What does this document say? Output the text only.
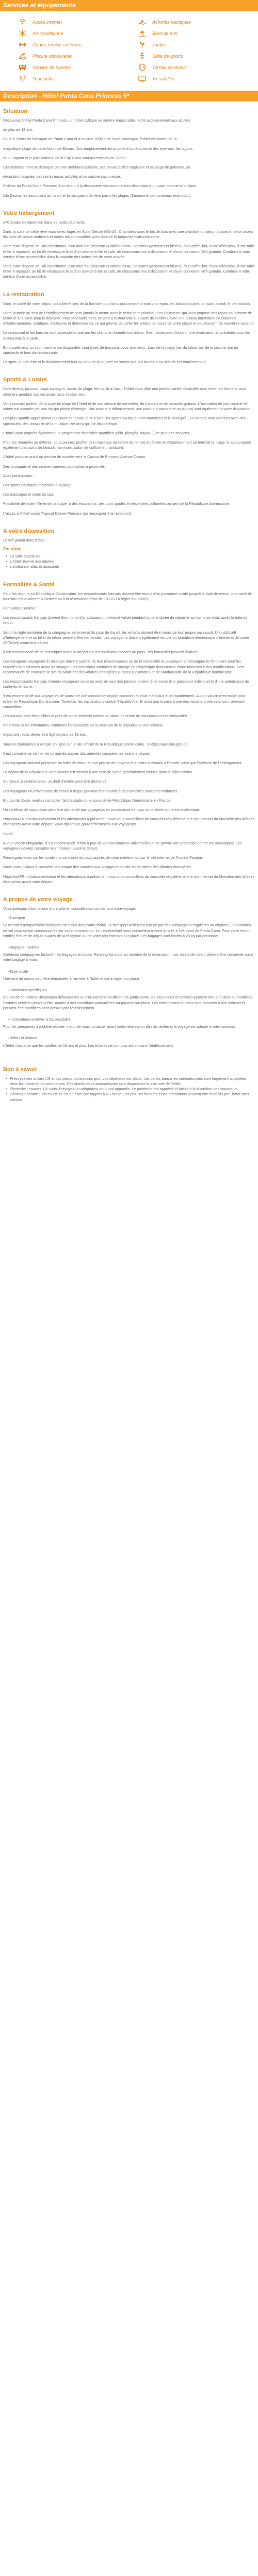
Services et équipements
Accès internet	Activités nautiques
Air conditionné	Bord de mer
Centre remise en forme	Jardin
Piscine découverte	Salle de sports
Service de navette	Terrain de tennis
Tout inclus	Tv satellite
Description - Hôtel Punta Cana Princess 5*
Situation

Découvrez l'hôtel Punta Cana Princess, un hôtel idyllique au service impeccable, niché exclusivement aux adultes

de plus de 18 ans.

Situé à 15min de l'aéroport de Punta Cana et à environ 200km de Saint Domingue, l'hôtel est bordé par la

magnifique plage de sable blanc de Bávaro. Son emplacement est propice à la découverte des environs, les lagons

Blue Lagoon et le parc national de la Cap Cana sont accessibles en 15min.

Cet établissement se distingue par son ambiance paisible, ses beaux jardins tropicaux et sa plage de palmiers, sa

décoration soignée, ses nombreuses activités et sa cuisine savoureuse.

Profitez au Punta Cana Princess d'un séjour à la découverte des nombreuses destinations du pays comme la sublime

Isla Saona, les excursions au ranch et la navigation de rêve parmi les plages (Samaná et de nombreux endroits...).

Votre hébergement

270 Suites en répartition dans de petits bâtiments.

Dans la suite de cette rêve vous serez logés en Suite Deluxe (55m2) : Chambres sous le toit de bois avec une chambre ou séjour spacieux, deux vastes lits avec de beaux mobiliers et toutes les commodités avec douche et baignoire hydromassante.

Votre suite dispose de l'air conditionné, d'un mini-bar (réassort quotidien d'eau, boissons gazeuses et bières), d'un coffre-fort, d'une télévision, d'une table et fer à repasser, du kit de nécessaire lit et d'un service à thé et café, de chaussons mis à disposition et d'une connexion Wifi gratuite. Combien à votre service d'une accessibilité dans la majorité des suites lors de votre arrivée.

Votre suite dispose de l'air conditionné, d'un mini-bar (réassort quotidien d'eau, boissons gazeuses et bières), d'un coffre-fort, d'une télévision, d'une table et fer à repasser, du kit de nécessaire lit et d'un service à thé et café, de chaussons mis à disposition et d'une connexion Wifi gratuite. Combien à votre service d'une accessibilité.

La restauration

Dans le cadre de votre séjour, vous bénéficiez de la formule tout inclus qui comprend tous vos repas, les boissons (avec ou sans alcool) et des snacks.

Votre journée au sein de l'établissement ne sera jamais la même avec le restaurant principal "Las Palmeras" qui vous propose des repas sous forme de buffet et à la carte pour le déjeuner. Plus ponctuellement, ce sont 6 restaurants à la carte disponibles avec une cuisine internationale (italienne, méditerranéenne, asiatique, mexicaine et dominicaine), ce qui permet de varier les plaisirs au cours de votre séjour et de découvrir de nouvelles saveurs.

Le restaurant et les bars ne sont accessibles que par les clients en formule tout inclus. Il est nécessaire d'obtenir une réservation au préalable pour les restaurants à la carte.

En supplément, un room service est disponible, cinq types de boissons vous attendent : bars de la plage, bar du lobby, bar de la piscine, bar du spectacle et bars des restaurants.

Le sport, le bien-être et le divertissement tout au long de la journée ne seront que pur bonheur au sein de cet établissement.

Sports & Loisirs

Salle fitness, jacuzzis, yoga aquagym, sports de plage, tennis, tir à l'arc... l'hôtel vous offre une palette variée d'activités pour rester en forme et vous détendre pendant vos vacances dans l'océan vert.

Vous pourrez profiter de la superbe plage de l'hôtel et de son service de serviettes, de transats et de parasols gratuits. L'animation de jour comme de soirée est assurée par une équipe pleine d'énergie. Une piscine à débordement, une piscine principale et un jacuzzi sont également à votre disposition.

Les plus sportifs apprécieront les cours de tennis, le tir à l'arc, les sports nautiques non motorisés et le mini golf. Les soirées sont animées avec des spectacles, des shows et de la musique live ainsi qu'une discothèque.

L'hôtel vous propose également un programme d'activités quotidien (vélo, plongée, kayak...) en plus des services.

Pour les moments de détente, vous pourrez profiter d'un massage au centre de remise en forme de l'établissement au bord de la plage, le spa propose également des soins de beauté, hammam, salon de coiffure et manucure.

L'hôtel propose aussi un service de navette vers le Casino de Princess Avenue Casino.

Des boutiques et des centres commerciaux situés à proximité.

Avec participation :

Les sports nautiques motorisés à la plage.

Les massages et soins du spa.

Possibilité de visiter l'île et de participer à des excursions, des tours guidés et des visites culturelles au sein de la République dominicaine.

L'accès à l'hôtel voisin Tropical Deluxe Princess (se renseigner à la réception).

A votre disposition

Le wifi gratuit dans l'hôtel.

On aime
• La suite spacieuse
• L'hôtel réservé aux adultes
• L'ambiance relax et apaisante
Formalités & Santé

Pour les séjours en République Dominicaine, les ressortissants français doivent être munis d'un passeport valide jusqu'à la date de retour. Une carte de tourisme est à acheter à l'arrivée ou à la réservation (frais de 10 USD à régler sur place).

Formalités d'entrée :

Les ressortissants français doivent être munis d'un passeport individuel valide pendant toute la durée du séjour et au moins six mois après la date du retour.

Selon la réglementation de la compagnie aérienne et du pays de transit, les enfants doivent être munis de leur propre passeport. Un justificatif d'hébergement et un billet de retour peuvent être demandés. Les voyageurs doivent également remplir un formulaire électronique d'entrée et de sortie (E-Ticket) avant leur départ.

Il est recommandé de se renseigner avant le départ sur les conditions d'accès au pays : les formalités peuvent évoluer.

Les voyageurs voyageant à l'étranger doivent justifier de leur ressortissance ou de la nationalité du passeport et renseigner le formulaire pour les autorités dominicaines avant de voyager. Les conditions sanitaires de voyage en République dominicaine étant soumises à des modifications, il est recommandé de consulter le site du Ministère des Affaires étrangères (France Diplomatie) et de l'Ambassade de la République dominicaine.

Les ressortissants français mineurs voyageant seuls ou avec un seul des parents doivent être munis d'un passeport individuel et d'une autorisation de sortie du territoire.

Il est recommandé aux voyageurs de souscrire une assurance voyage couvrant les frais médicaux et le rapatriement. Aucun vaccin n'est exigé pour entrer en République Dominicaine. Toutefois, les vaccinations contre l'hépatite A et B, ainsi que la mise à jour des vaccins universels, sont vivement conseillées.

Les vaccins sont disponibles auprès de votre médecin traitant ou dans un centre de vaccinations internationales.

Pour toute autre information, contactez l'ambassade ou le consulat de la République Dominicaine.

Important : vous devez être âgé de plus de 18 ans.

Tous les formulaires à remplir en ligne sur le site officiel de la République Dominicaine : eticket.migracion.gob.do

Il est conseillé de vérifier les formalités auprès des autorités compétentes avant le départ.

Les voyageurs doivent présenter un billet de retour et une preuve de moyens financiers suffisants à l'entrée, ainsi que l'adresse de l'hébergement.

Le départ de la République Dominicaine est soumis à une taxe de sortie généralement incluse dans le billet d'avion.

Sur place, à certains sites, un droit d'entrée peut être demandé.

Les voyageurs en provenance de zones à risque peuvent être soumis à des contrôles sanitaires renforcés.

En cas de doute, veuillez contacter l'ambassade ou le consulat de République Dominicaine en France.

Un certificat de vaccination peut être demandé aux voyageurs en provenance de pays où la fièvre jaune est endémique.

HttpsViaAFRInfo/documentation et les attestations à présenter, nous vous conseillons de consulter régulièrement le site internet du Ministère des Affaires étrangères avant votre départ : www.diplomatie.gouv.fr/fr/conseils-aux-voyageurs.

Santé :

Aucun vaccin obligatoire. Il est recommandé d'être à jour de vos vaccinations universelles et de prévoir une protection contre les moustiques. Les voyageurs doivent consulter leur médecin avant le départ.

Renseignez-vous sur les conditions sanitaires du pays auprès de votre médecin ou sur le site internet de l'Institut Pasteur.

Nous vous invitons à consulter la rubrique des conseils aux voyageurs du site du Ministère des Affaires étrangères.

HttpsViaAFRInfo/documentation et les attestations à présenter, nous vous conseillons de consulter régulièrement le site internet du Ministère des Affaires étrangères avant votre départ.

A propos de votre voyage

Voici quelques informations à prendre en considération concernant votre voyage.

• Transport

Le transfert aéroport/hôtel/aéroport est inclus dans votre forfait. Le transport aérien est assuré par des compagnies régulières ou charters. Les horaires de vol vous seront communiqués sur votre convocation. Un représentant vous accueillera à votre arrivée à l'aéroport de Punta Cana. Pour votre retour, vérifiez l'heure de départ auprès de la réception ou de votre représentant sur place. Les bagages sont limités à 23 kg par personne.

• Bagages - Valises

Certaines compagnies facturent les bagages en soute. Renseignez-vous au moment de la réservation. Les objets de valeur doivent être conservés dans votre bagage à main.

• Taxe locale

Une taxe de séjour peut être demandée à l'arrivée à l'hôtel et est à régler sur place.

• Conditions spécifiques

En cas de conditions climatiques défavorables ou d'un nombre insuffisant de participants, les excursions et activités peuvent être annulées ou modifiées. Certains services peuvent être soumis à des conditions particulières ou payants sur place. Les informations fournies sont données à titre indicatif et peuvent être modifiées sans préavis par l'établissement.

• Informations relatives à l'accessibilité

Pour les personnes à mobilité réduite, merci de nous contacter avant toute réservation afin de vérifier si le voyage est adapté à votre situation.

• Bébés et enfants

L'hôtel n'accepte que les adultes de 18 ans et plus. Les enfants ne sont pas admis dans l'établissement.

Bon à savoir
• Prévoyez des dollars US et des pesos dominicains pour vos dépenses sur place. Les cartes bancaires internationales sont largement acceptées dans les hôtels et les commerces. Des distributeurs automatiques sont disponibles à proximité de l'hôtel.
• Électricité : courant 110 volts. Prévoyez un adaptateur pour vos appareils. Le pourboire est apprécié et laissé à la discrétion des voyageurs.
• Décalage horaire : -6h en été et -5h en hiver par rapport à la France. Les prix, les horaires et les prestations peuvent être modifiés par l'hôtel sans préavis.
